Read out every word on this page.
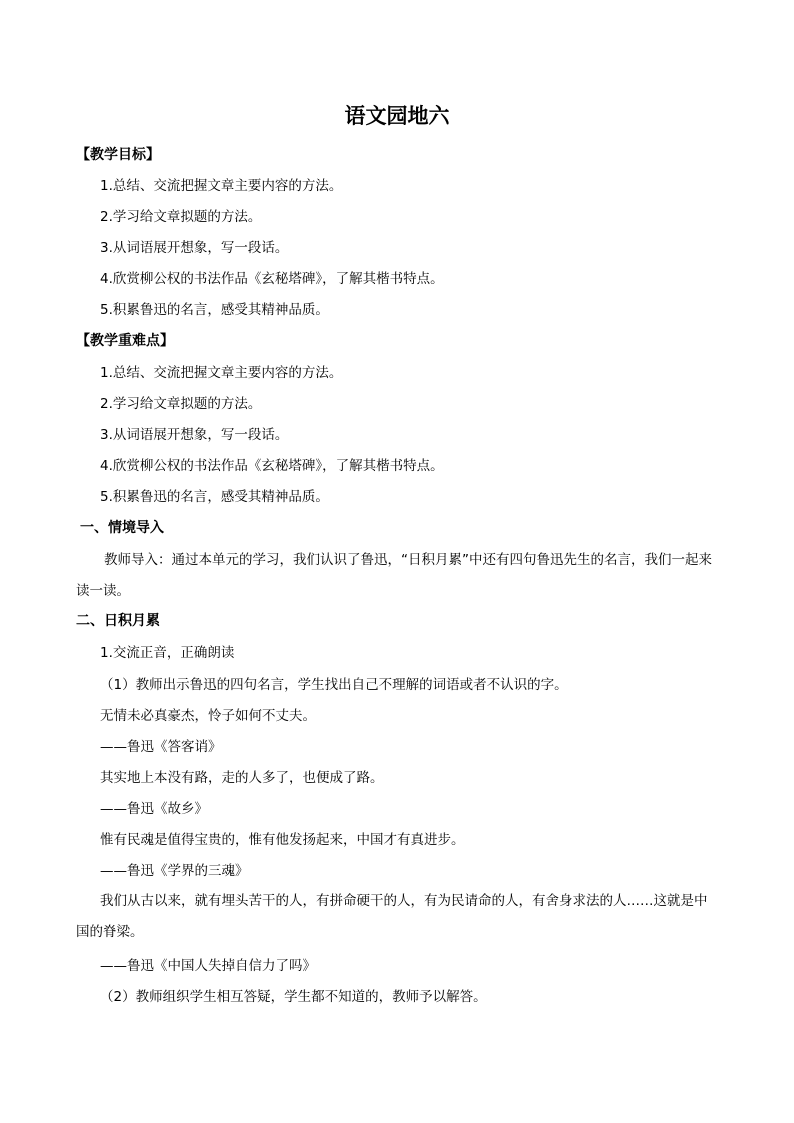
语文园地六
【教学目标】
1.总结、交流把握文章主要内容的方法。
2.学习给文章拟题的方法。
3.从词语展开想象，写一段话。
4.欣赏柳公权的书法作品《玄秘塔碑》，了解其楷书特点。
5.积累鲁迅的名言，感受其精神品质。
【教学重难点】
1.总结、交流把握文章主要内容的方法。
2.学习给文章拟题的方法。
3.从词语展开想象，写一段话。
4.欣赏柳公权的书法作品《玄秘塔碑》，了解其楷书特点。
5.积累鲁迅的名言，感受其精神品质。
一、情境导入
教师导入：通过本单元的学习，我们认识了鲁迅，“日积月累”中还有四句鲁迅先生的名言，我们一起来读一读。
二、日积月累
1.交流正音，正确朗读
（1）教师出示鲁迅的四句名言，学生找出自己不理解的词语或者不认识的字。
无情未必真豪杰，怜子如何不丈夫。
——鲁迅《答客诮》
其实地上本没有路，走的人多了，也便成了路。
——鲁迅《故乡》
惟有民魂是值得宝贵的，惟有他发扬起来，中国才有真进步。
——鲁迅《学界的三魂》
我们从古以来，就有埋头苦干的人，有拼命硬干的人，有为民请命的人，有舍身求法的人……这就是中国的脊梁。
——鲁迅《中国人失掉自信力了吗》
（2）教师组织学生相互答疑，学生都不知道的，教师予以解答。
